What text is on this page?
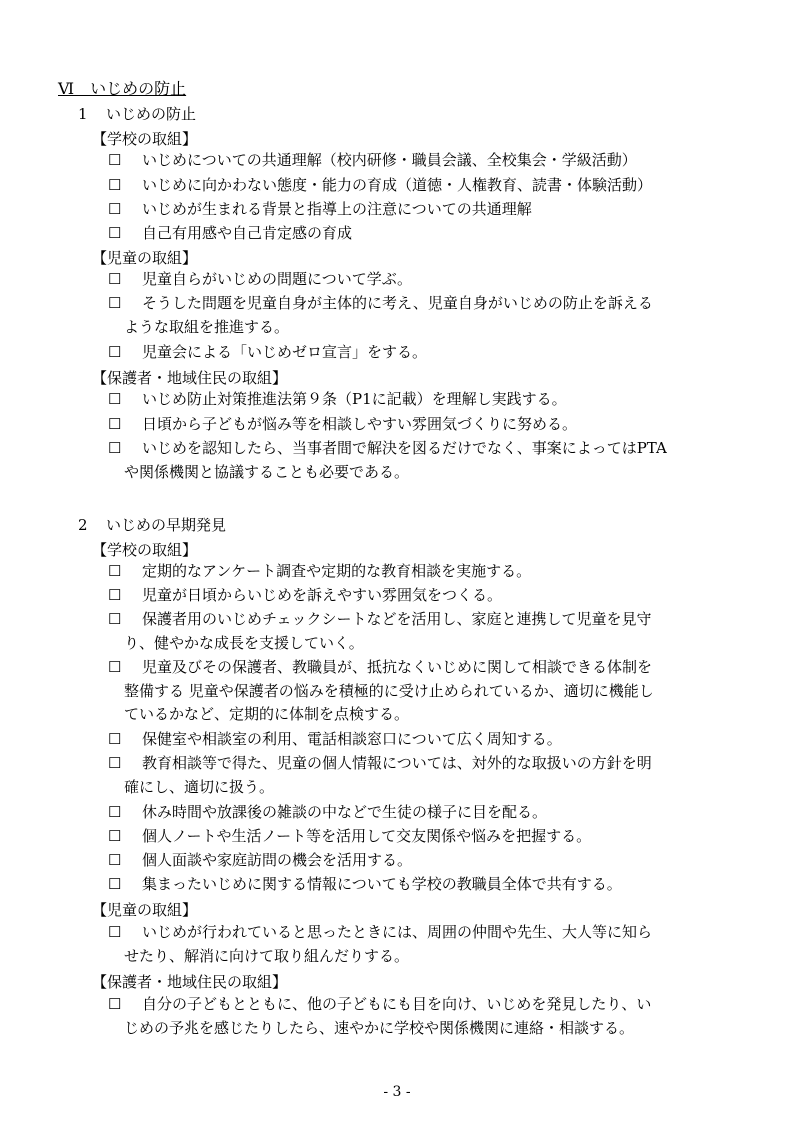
Ⅵ　いじめの防止
1 いじめの防止
【学校の取組】
☐	いじめについての共通理解（校内研修・職員会議、全校集会・学級活動）
☐	いじめに向かわない態度・能力の育成（道徳・人権教育、読書・体験活動）
☐	いじめが生まれる背景と指導上の注意についての共通理解
☐	自己有用感や自己肯定感の育成
【児童の取組】
☐	児童自らがいじめの問題について学ぶ。
☐	そうした問題を児童自身が主体的に考え、児童自身がいじめの防止を訴える
ような取組を推進する。
☐	児童会による「いじめゼロ宣言」をする。
【保護者・地域住民の取組】
☐	いじめ防止対策推進法第９条（P1に記載）を理解し実践する。
☐	日頃から子どもが悩み等を相談しやすい雰囲気づくりに努める。
☐	いじめを認知したら、当事者間で解決を図るだけでなく、事案によってはPTA
や関係機関と協議することも必要である。
2 いじめの早期発見
【学校の取組】
☐	定期的なアンケート調査や定期的な教育相談を実施する。
☐	児童が日頃からいじめを訴えやすい雰囲気をつくる。
☐	保護者用のいじめチェックシートなどを活用し、家庭と連携して児童を見守
り、健やかな成長を支援していく。
☐	児童及びその保護者、教職員が、抵抗なくいじめに関して相談できる体制を
整備する 児童や保護者の悩みを積極的に受け止められているか、適切に機能し
ているかなど、定期的に体制を点検する。
☐	保健室や相談室の利用、電話相談窓口について広く周知する。
☐	教育相談等で得た、児童の個人情報については、対外的な取扱いの方針を明
確にし、適切に扱う。
☐	休み時間や放課後の雑談の中などで生徒の様子に目を配る。
☐	個人ノートや生活ノート等を活用して交友関係や悩みを把握する。
☐	個人面談や家庭訪問の機会を活用する。
☐	集まったいじめに関する情報についても学校の教職員全体で共有する。
【児童の取組】
☐	いじめが行われていると思ったときには、周囲の仲間や先生、大人等に知ら
せたり、解消に向けて取り組んだりする。
【保護者・地域住民の取組】
☐	自分の子どもとともに、他の子どもにも目を向け、いじめを発見したり、い
じめの予兆を感じたりしたら、速やかに学校や関係機関に連絡・相談する。
- 3 -
